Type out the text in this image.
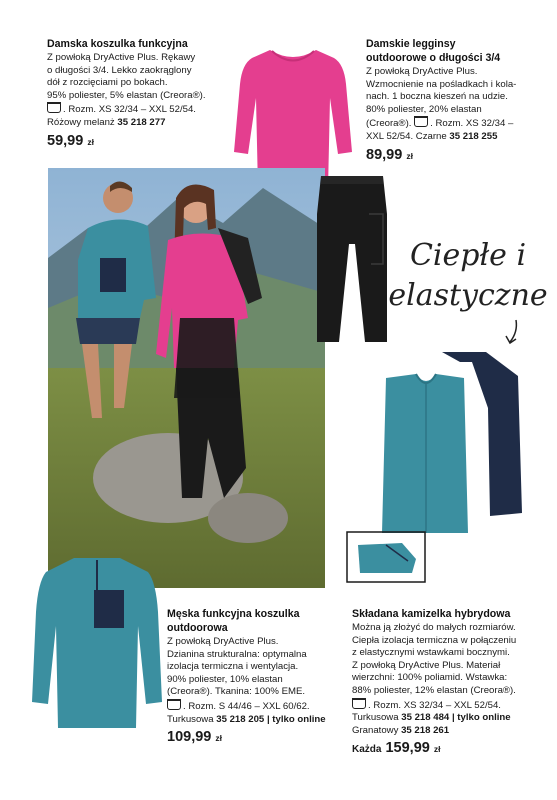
Damska koszulka funkcyjna
Z powłoką DryActive Plus. Rękawy
o długości 3/4. Lekko zaokrąglony
dół z rozcięciami po bokach.
95% poliester, 5% elastan (Creora®).
. Rozm. XS 32/34 – XXL 52/54.
Różowy melanż 35 218 277
59,99 zł
Damskie legginsy
outdoorowe o długości 3/4
Z powłoką DryActive Plus.
Wzmocnienie na pośladkach i kola-
nach. 1 boczna kieszeń na udzie.
80% poliester, 20% elastan
(Creora®). . Rozm. XS 32/34 –
XXL 52/54. Czarne 35 218 255
89,99 zł
Ciepłe i
elastyczne
Męska funkcyjna koszulka
outdoorowa
Z powłoką DryActive Plus.
Dzianina strukturalna: optymalna
izolacja termiczna i wentylacja.
90% poliester, 10% elastan
(Creora®). Tkanina: 100% EME.
. Rozm. S 44/46 – XXL 60/62.
Turkusowa 35 218 205 | tylko online
109,99 zł
Składana kamizelka hybrydowa
Można ją złożyć do małych rozmiarów.
Ciepła izolacja termiczna w połączeniu
z elastycznymi wstawkami bocznymi.
Z powłoką DryActive Plus. Materiał
wierzchni: 100% poliamid. Wstawka:
88% poliester, 12% elastan (Creora®).
. Rozm. XS 32/34 – XXL 52/54.
Turkusowa 35 218 484 | tylko online
Granatowy 35 218 261
Każda 159,99 zł
